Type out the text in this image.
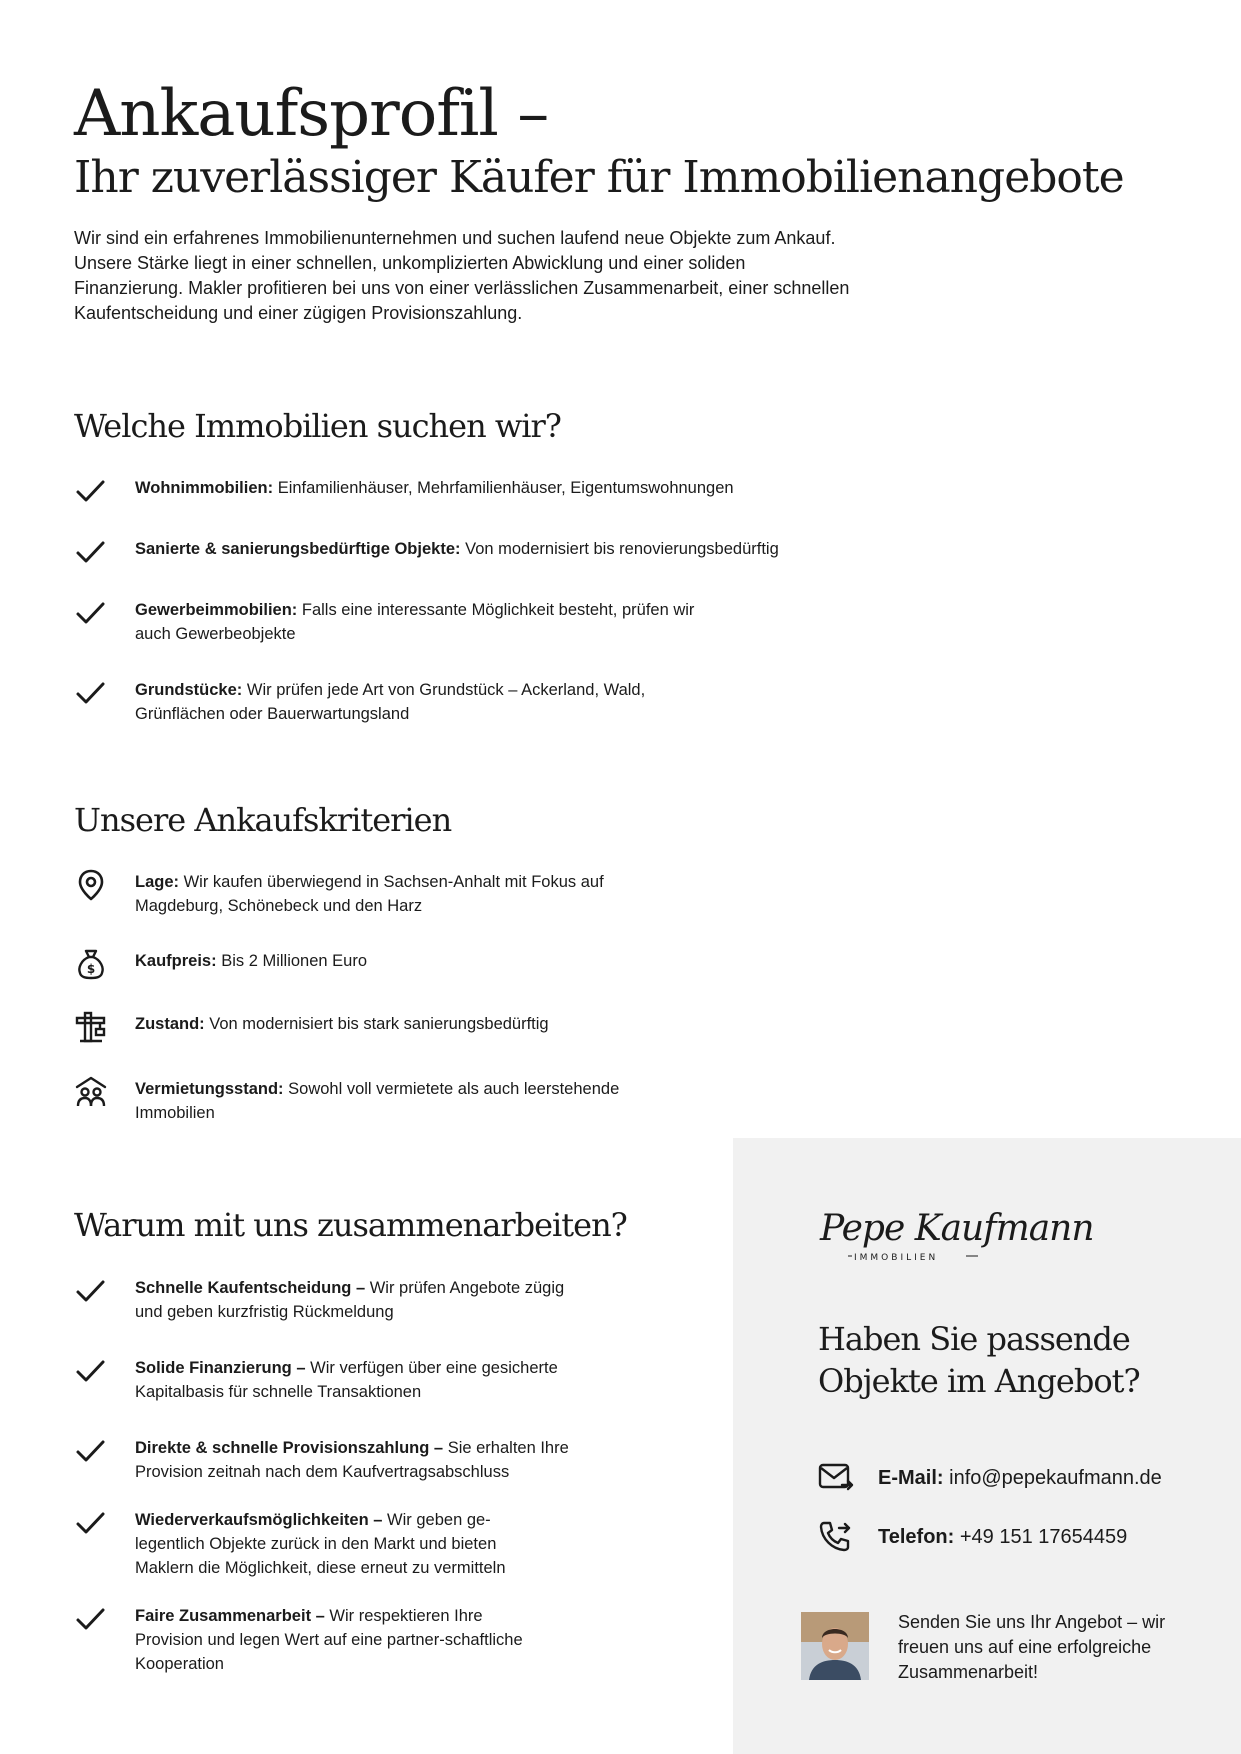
Ankaufsprofil –
Ihr zuverlässiger Käufer für Immobilienangebote

Wir sind ein erfahrenes Immobilienunternehmen und suchen laufend neue Objekte zum Ankauf. Unsere Stärke liegt in einer schnellen, unkomplizierten Abwicklung und einer soliden Finanzierung. Makler profitieren bei uns von einer verlässlichen Zusammenarbeit, einer schnellen Kaufentscheidung und einer zügigen Provisionszahlung.

Welche Immobilien suchen wir?

Wohnimmobilien: Einfamilienhäuser, Mehrfamilienhäuser, Eigentumswohnungen

Sanierte & sanierungsbedürftige Objekte: Von modernisiert bis renovierungsbedürftig

Gewerbeimmobilien: Falls eine interessante Möglichkeit besteht, prüfen wir auch Gewerbeobjekte

Grundstücke: Wir prüfen jede Art von Grundstück – Ackerland, Wald, Grünflächen oder Bauerwartungsland

Unsere Ankaufskriterien

Lage: Wir kaufen überwiegend in Sachsen-Anhalt mit Fokus auf Magdeburg, Schönebeck und den Harz

$ Kaufpreis: Bis 2 Millionen Euro

Zustand: Von modernisiert bis stark sanierungsbedürftig

Vermietungsstand: Sowohl voll vermietete als auch leerstehende Immobilien

Warum mit uns zusammenarbeiten?

Schnelle Kaufentscheidung – Wir prüfen Angebote zügig und geben kurzfristig Rückmeldung

Solide Finanzierung – Wir verfügen über eine gesicherte Kapitalbasis für schnelle Transaktionen

Direkte & schnelle Provisionszahlung – Sie erhalten Ihre Provision zeitnah nach dem Kaufvertragsabschluss

Wiederverkaufsmöglichkeiten – Wir geben ge-legentlich Objekte zurück in den Markt und bieten Maklern die Möglichkeit, diese erneut zu vermitteln

Faire Zusammenarbeit – Wir respektieren Ihre Provision und legen Wert auf eine partner-schaftliche Kooperation

Pepe Kaufmann
IMMOBILIEN
Haben Sie passende Objekte im Angebot?
E-Mail: info@pepekaufmann.de
Telefon: +49 151 17654459

Senden Sie uns Ihr Angebot – wir freuen uns auf eine erfolgreiche Zusammenarbeit!
